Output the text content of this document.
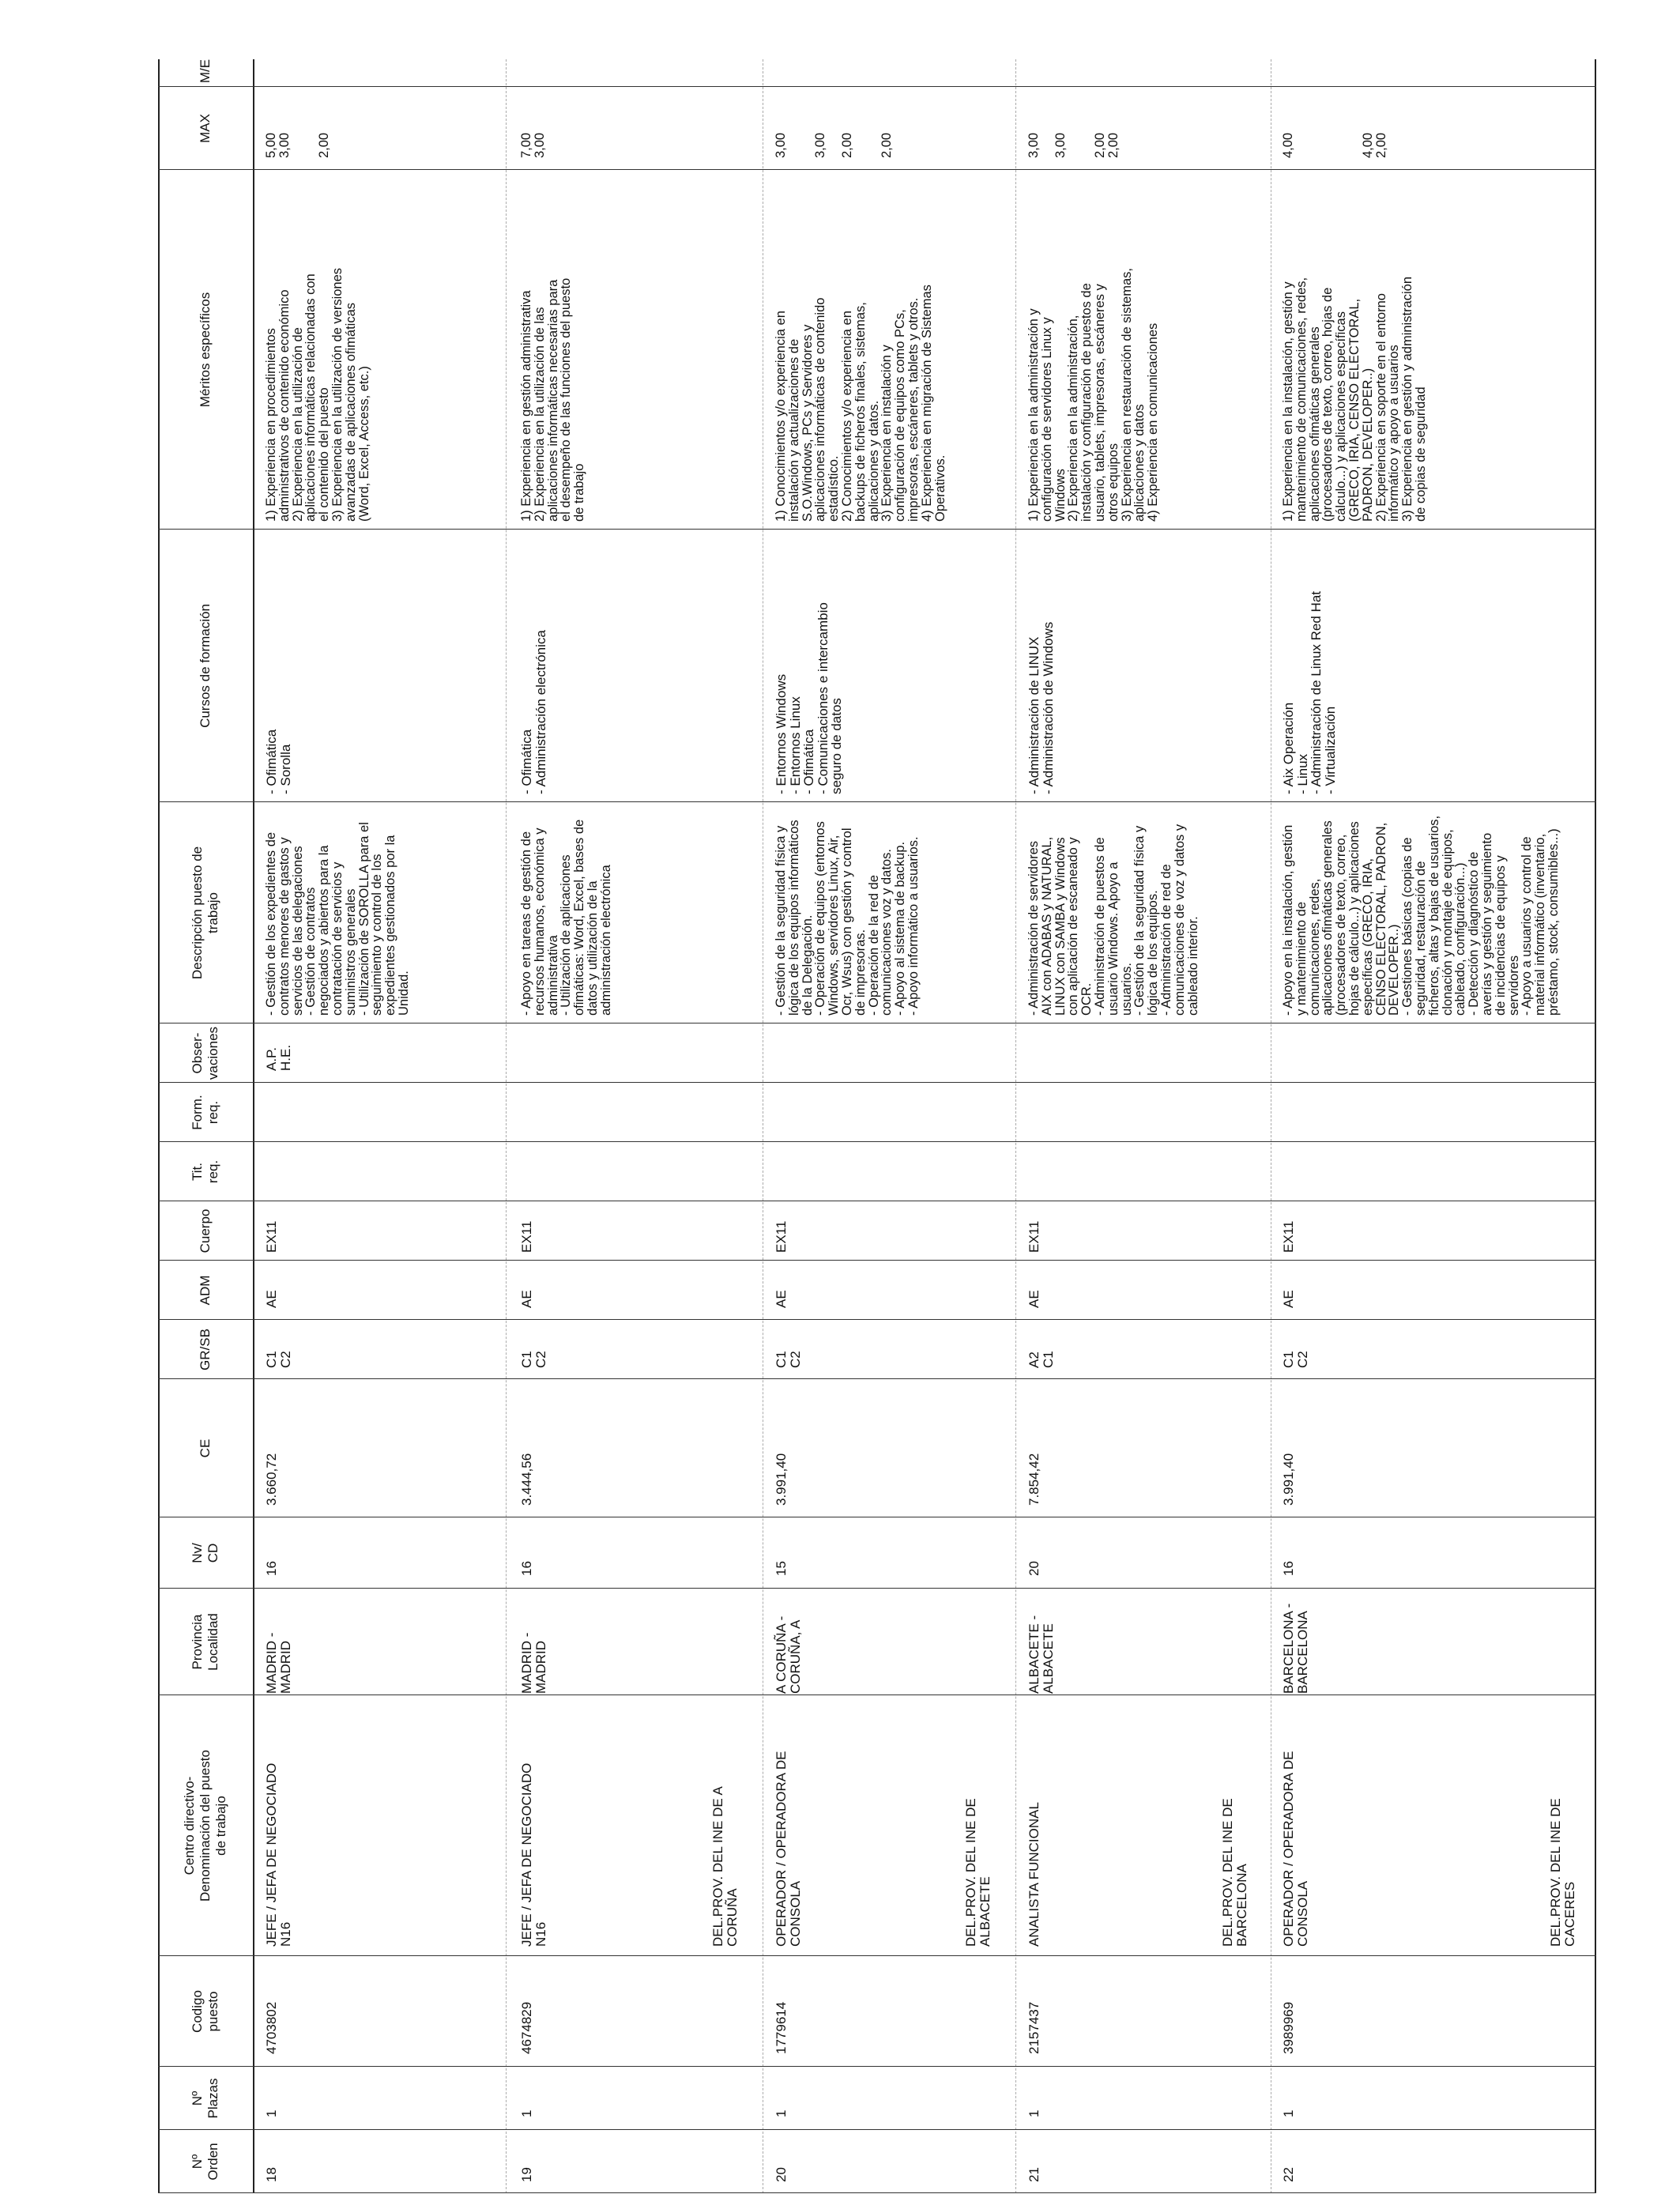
Nº
Orden
Nº
Plazas
Codigo
puesto
Centro directivo-
Denominación del puesto
de trabajo
Provincia
Localidad
Nv/
CD
CE
GR/SB
ADM
Cuerpo
Tit.
req.
Form.
req.
Obser-
vaciones
Descripción puesto de
trabajo
Cursos de formación
Méritos específicos
MAX
M/E
18
1
4703802
JEFE / JEFA DE NEGOCIADO
N16
MADRID -
MADRID
16
3.660,72
C1
C2
AE
EX11
A.P.
H.E.
- Gestión de los expedientes de
contratos menores de gastos y
servicios de las delegaciones
- Gestión de contratos
negociados y abiertos para la
contratación de servicios y
suministros generales
- Utilización de SOROLLA para el
seguimiento y control de los
expedientes gestionados por la
Unidad.
- Ofimática
- Sorolla
1) Experiencia en procedimientos
administrativos de contenido económico
2) Experiencia en la utilización de
aplicaciones informáticas relacionadas con
el contenido del puesto
3) Experiencia en la utilización de versiones
avanzadas de aplicaciones ofimáticas
(Word, Excel, Access, etc.)
5,00
3,00

2,00
19
1
4674829
JEFE / JEFA DE NEGOCIADO
N16
MADRID -
MADRID
16
3.444,56
C1
C2
AE
EX11
- Apoyo en tareas de gestión de
recursos humanos, económica y
administrativa
- Utilización de aplicaciones
ofimáticas: Word, Excel, bases de
datos y utilización de la
administración electrónica
- Ofimática
- Administración electrónica
1) Experiencia en gestión administrativa
2) Experiencia en la utilización de las
aplicaciones informáticas necesarias para
el desempeño de las funciones del puesto
de trabajo
7,00
3,00
DEL.PROV. DEL INE DE A
CORUÑA
20
1
1779614
OPERADOR / OPERADORA DE
CONSOLA
A CORUÑA -
CORUÑA, A
15
3.991,40
C1
C2
AE
EX11
- Gestión de la seguridad física y
lógica de los equipos informáticos
de la Delegación.
- Operación de equipos (entornos
Windows, servidores Linux, Air,
Ocr, Wsus) con gestión y control
de impresoras.
- Operación de la red de
comunicaciones voz y datos.
- Apoyo al sistema de backup.
- Apoyo informático a usuarios.
- Entornos Windows
- Entornos Linux
- Ofimática
- Comunicaciones e intercambio
seguro de datos
1) Conocimientos y/o experiencia en
instalación y actualizaciones de
S.O.Windows, PCs y Servidores y
aplicaciones informáticas de contenido
estadístico.
2) Conocimientos y/o experiencia en
backups de ficheros finales, sistemas,
aplicaciones y datos.
3) Experiencia en instalación y
configuración de equipos como PCs,
impresoras, escáneres, tablets y otros.
4) Experiencia en migración de Sistemas
Operativos.
3,00

3,00

2,00

2,00
DEL.PROV. DEL INE DE
ALBACETE
21
1
2157437
ANALISTA FUNCIONAL
ALBACETE -
ALBACETE
20
7.854,42
A2
C1
AE
EX11
- Administración de servidores
AIX con ADABAS y NATURAL,
LINUX con SAMBA y Windows
con aplicación de escaneado y
OCR.
- Administración de puestos de
usuario Windows. Apoyo a
usuarios.
- Gestión de la seguridad física y
lógica de los equipos.
- Administración de red de
comunicaciones de voz y datos y
cableado interior.
- Administración de LINUX
- Administración de Windows
1) Experiencia en la administración y
configuración de servidores Linux y
Windows
2) Experiencia en la administración,
instalación y configuración de puestos de
usuario, tablets, impresoras, escáneres y
otros equipos
3) Experiencia en restauración de sistemas,
aplicaciones y datos
4) Experiencia en comunicaciones
3,00

3,00

2,00
2,00
DEL.PROV. DEL INE DE
BARCELONA
22
1
3989969
OPERADOR / OPERADORA DE
CONSOLA
BARCELONA -
BARCELONA
16
3.991,40
C1
C2
AE
EX11
- Apoyo en la instalación, gestión
y mantenimiento de
comunicaciones, redes,
aplicaciones ofimáticas generales
(procesadores de texto, correo,
hojas de cálculo...) y aplicaciones
específicas (GRECO, IRIA,
CENSO ELECTORAL, PADRON,
DEVELOPER..)
- Gestiones básicas (copias de
seguridad, restauración de
ficheros, altas y bajas de usuarios,
clonación y montaje de equipos,
cableado, configuración...)
- Detección y diagnóstico de
averías y gestión y seguimiento
de incidencias de equipos y
servidores
- Apoyo a usuarios y control de
material informático (inventario,
préstamo, stock, consumibles...)
- Aix Operación
- Linux
- Administración de Linux Red Hat
- Virtualización
1) Experiencia en la instalación, gestión y
mantenimiento de comunicaciones, redes,
aplicaciones ofimáticas generales
(procesadores de texto, correo, hojas de
cálculo...) y aplicaciones específicas
(GRECO, IRIA, CENSO ELECTORAL,
PADRON, DEVELOPER..)
2) Experiencia en soporte en el entorno
informático y apoyo a usuarios
3) Experiencia en gestión y administración
de copias de seguridad
4,00

4,00
2,00
DEL.PROV. DEL INE DE
CACERES
